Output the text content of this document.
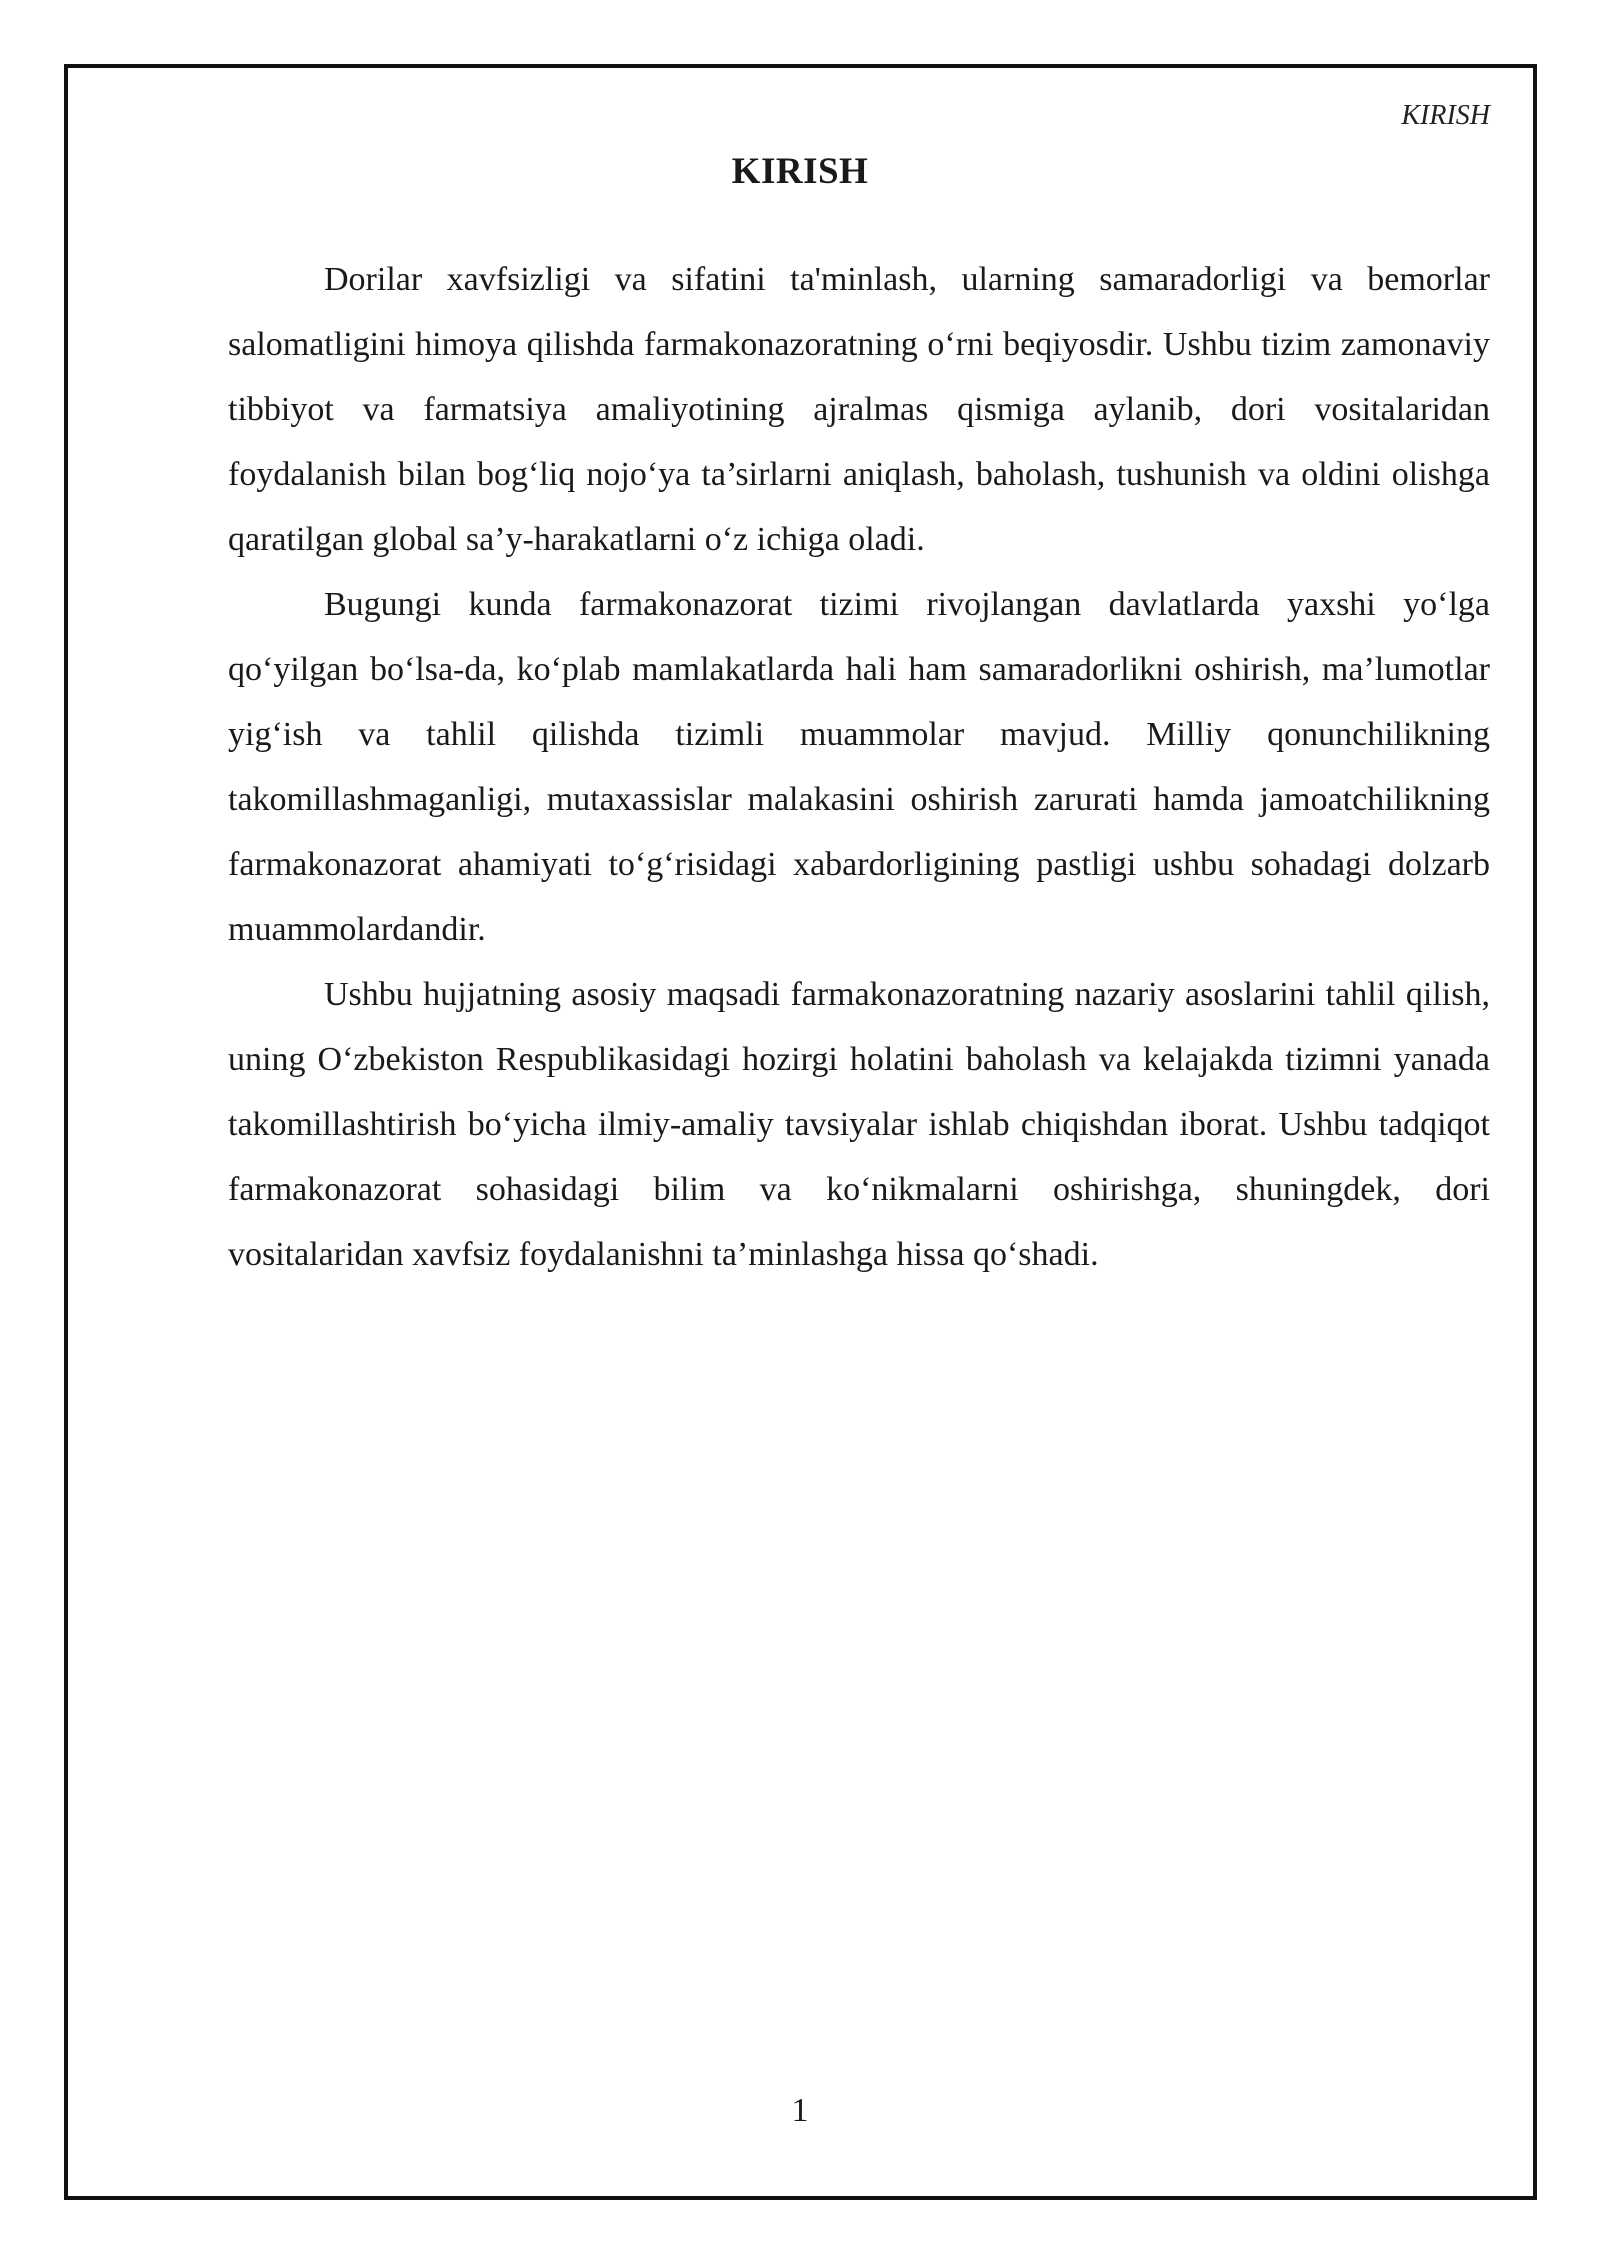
KIRISH
KIRISH

Dorilar xavfsizligi va sifatini ta'minlash, ularning samaradorligi va bemorlar salomatligini himoya qilishda farmakonazoratning o‘rni beqiyosdir. Ushbu tizim zamonaviy tibbiyot va farmatsiya amaliyotining ajralmas qismiga aylanib, dori vositalaridan foydalanish bilan bog‘liq nojo‘ya ta’sirlarni aniqlash, baholash, tushunish va oldini olishga qaratilgan global sa’y-harakatlarni o‘z ichiga oladi.

Bugungi kunda farmakonazorat tizimi rivojlangan davlatlarda yaxshi yo‘lga qo‘yilgan bo‘lsa-da, ko‘plab mamlakatlarda hali ham samaradorlikni oshirish, ma’lumotlar yig‘ish va tahlil qilishda tizimli muammolar mavjud. Milliy qonunchilikning takomillashmaganligi, mutaxassislar malakasini oshirish zarurati hamda jamoatchilikning farmakonazorat ahamiyati to‘g‘risidagi xabardorligining pastligi ushbu sohadagi dolzarb muammolardandir.

Ushbu hujjatning asosiy maqsadi farmakonazoratning nazariy asoslarini tahlil qilish, uning O‘zbekiston Respublikasidagi hozirgi holatini baholash va kelajakda tizimni yanada takomillashtirish bo‘yicha ilmiy-amaliy tavsiyalar ishlab chiqishdan iborat. Ushbu tadqiqot farmakonazorat sohasidagi bilim va ko‘nikmalarni oshirishga, shuningdek, dori vositalaridan xavfsiz foydalanishni ta’minlashga hissa qo‘shadi.

1
